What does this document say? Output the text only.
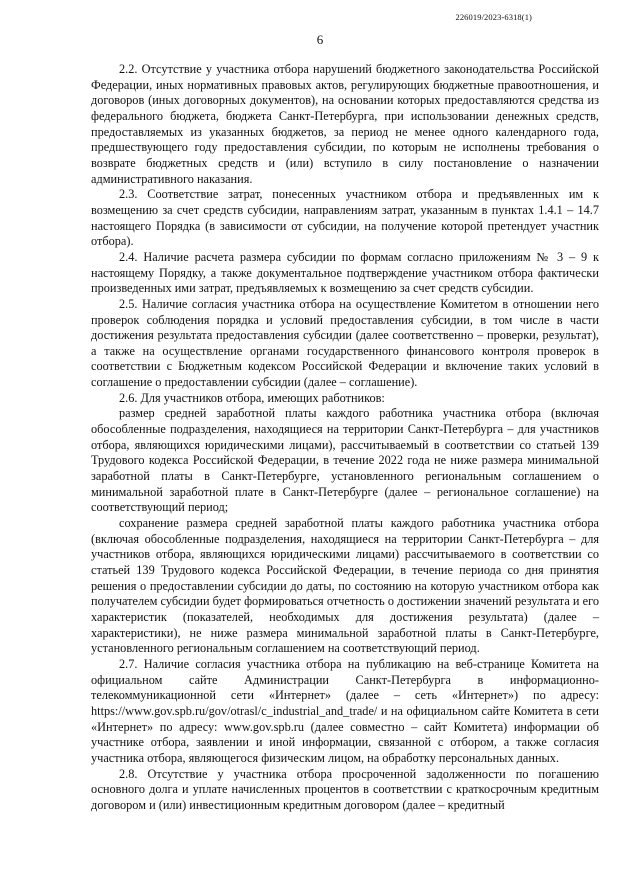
226019/2023-6318(1)
6

2.2. Отсутствие у участника отбора нарушений бюджетного законодательства Российской Федерации, иных нормативных правовых актов, регулирующих бюджетные правоотношения, и договоров (иных договорных документов), на основании которых предоставляются средства из федерального бюджета, бюджета Санкт-Петербурга, при использовании денежных средств, предоставляемых из указанных бюджетов, за период не менее одного календарного года, предшествующего году предоставления субсидии, по которым не исполнены требования о возврате бюджетных средств и (или) вступило в силу постановление о назначении административного наказания.

2.3. Соответствие затрат, понесенных участником отбора и предъявленных им к возмещению за счет средств субсидии, направлениям затрат, указанным в пунктах 1.4.1 – 14.7 настоящего Порядка (в зависимости от субсидии, на получение которой претендует участник отбора).

2.4. Наличие расчета размера субсидии по формам согласно приложениям № 3 – 9 к настоящему Порядку, а также документальное подтверждение участником отбора фактически произведенных ими затрат, предъявляемых к возмещению за счет средств субсидии.

2.5. Наличие согласия участника отбора на осуществление Комитетом в отношении него проверок соблюдения порядка и условий предоставления субсидии, в том числе в части достижения результата предоставления субсидии (далее соответственно – проверки, результат), а также на осуществление органами государственного финансового контроля проверок в соответствии с Бюджетным кодексом Российской Федерации и включение таких условий в соглашение о предоставлении субсидии (далее – соглашение).

2.6. Для участников отбора, имеющих работников:

размер средней заработной платы каждого работника участника отбора (включая обособленные подразделения, находящиеся на территории Санкт-Петербурга – для участников отбора, являющихся юридическими лицами), рассчитываемый в соответствии со статьей 139 Трудового кодекса Российской Федерации, в течение 2022 года не ниже размера минимальной заработной платы в Санкт-Петербурге, установленного региональным соглашением о минимальной заработной плате в Санкт-Петербурге (далее – региональное соглашение) на соответствующий период;

сохранение размера средней заработной платы каждого работника участника отбора (включая обособленные подразделения, находящиеся на территории Санкт-Петербурга – для участников отбора, являющихся юридическими лицами) рассчитываемого в соответствии со статьей 139 Трудового кодекса Российской Федерации, в течение периода со дня принятия решения о предоставлении субсидии до даты, по состоянию на которую участником отбора как получателем субсидии будет формироваться отчетность о достижении значений результата и его характеристик (показателей, необходимых для достижения результата) (далее – характеристики), не ниже размера минимальной заработной платы в Санкт-Петербурге, установленного региональным соглашением на соответствующий период.

2.7. Наличие согласия участника отбора на публикацию на веб-странице Комитета на официальном сайте Администрации Санкт-Петербурга в информационно-телекоммуникационной сети «Интернет» (далее – сеть «Интернет») по адресу: https://www.gov.spb.ru/gov/otrasl/c_industrial_and_trade/ и на официальном сайте Комитета в сети «Интернет» по адресу: www.gov.spb.ru (далее совместно – сайт Комитета) информации об участнике отбора, заявлении и иной информации, связанной с отбором, а также согласия участника отбора, являющегося физическим лицом, на обработку персональных данных.

2.8. Отсутствие у участника отбора просроченной задолженности по погашению основного долга и уплате начисленных процентов в соответствии с краткосрочным кредитным договором и (или) инвестиционным кредитным договором (далее – кредитный
